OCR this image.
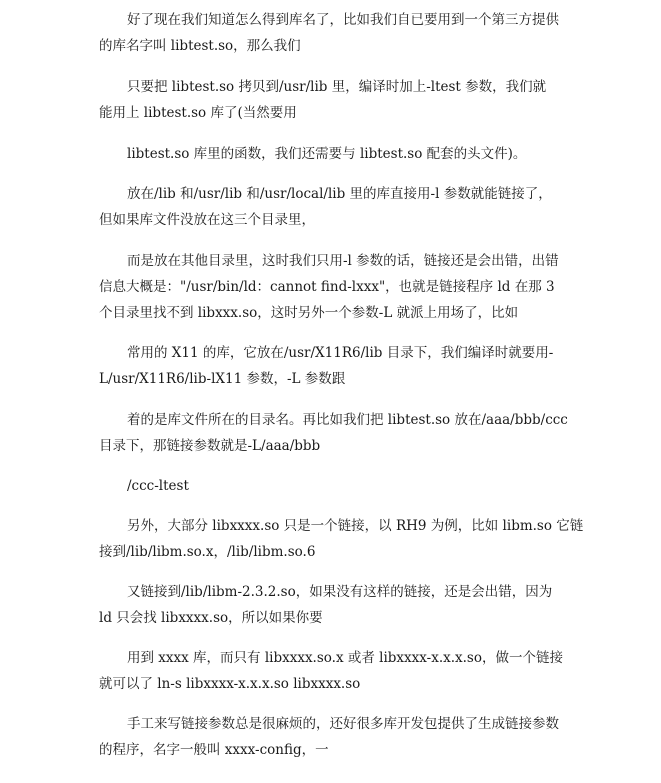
好了现在我们知道怎么得到库名了，比如我们自已要用到一个第三方提供
的库名字叫 libtest.so，那么我们

只要把 libtest.so 拷贝到/usr/lib 里，编译时加上-ltest 参数，我们就
能用上 libtest.so 库了(当然要用

libtest.so 库里的函数，我们还需要与 libtest.so 配套的头文件)。

放在/lib 和/usr/lib 和/usr/local/lib 里的库直接用-l 参数就能链接了，
但如果库文件没放在这三个目录里，

而是放在其他目录里，这时我们只用-l 参数的话，链接还是会出错，出错
信息大概是："/usr/bin/ld：cannot find-lxxx"，也就是链接程序 ld 在那 3
个目录里找不到 libxxx.so，这时另外一个参数-L 就派上用场了，比如

常用的 X11 的库，它放在/usr/X11R6/lib 目录下，我们编译时就要用-
L/usr/X11R6/lib-lX11 参数，-L 参数跟

着的是库文件所在的目录名。再比如我们把 libtest.so 放在/aaa/bbb/ccc
目录下，那链接参数就是-L/aaa/bbb

/ccc-ltest

另外，大部分 libxxxx.so 只是一个链接，以 RH9 为例，比如 libm.so 它链
接到/lib/libm.so.x，/lib/libm.so.6

又链接到/lib/libm-2.3.2.so，如果没有这样的链接，还是会出错，因为
ld 只会找 libxxxx.so，所以如果你要

用到 xxxx 库，而只有 libxxxx.so.x 或者 libxxxx-x.x.x.so，做一个链接
就可以了 ln-s libxxxx-x.x.x.so libxxxx.so

手工来写链接参数总是很麻烦的，还好很多库开发包提供了生成链接参数
的程序，名字一般叫 xxxx-config，一
